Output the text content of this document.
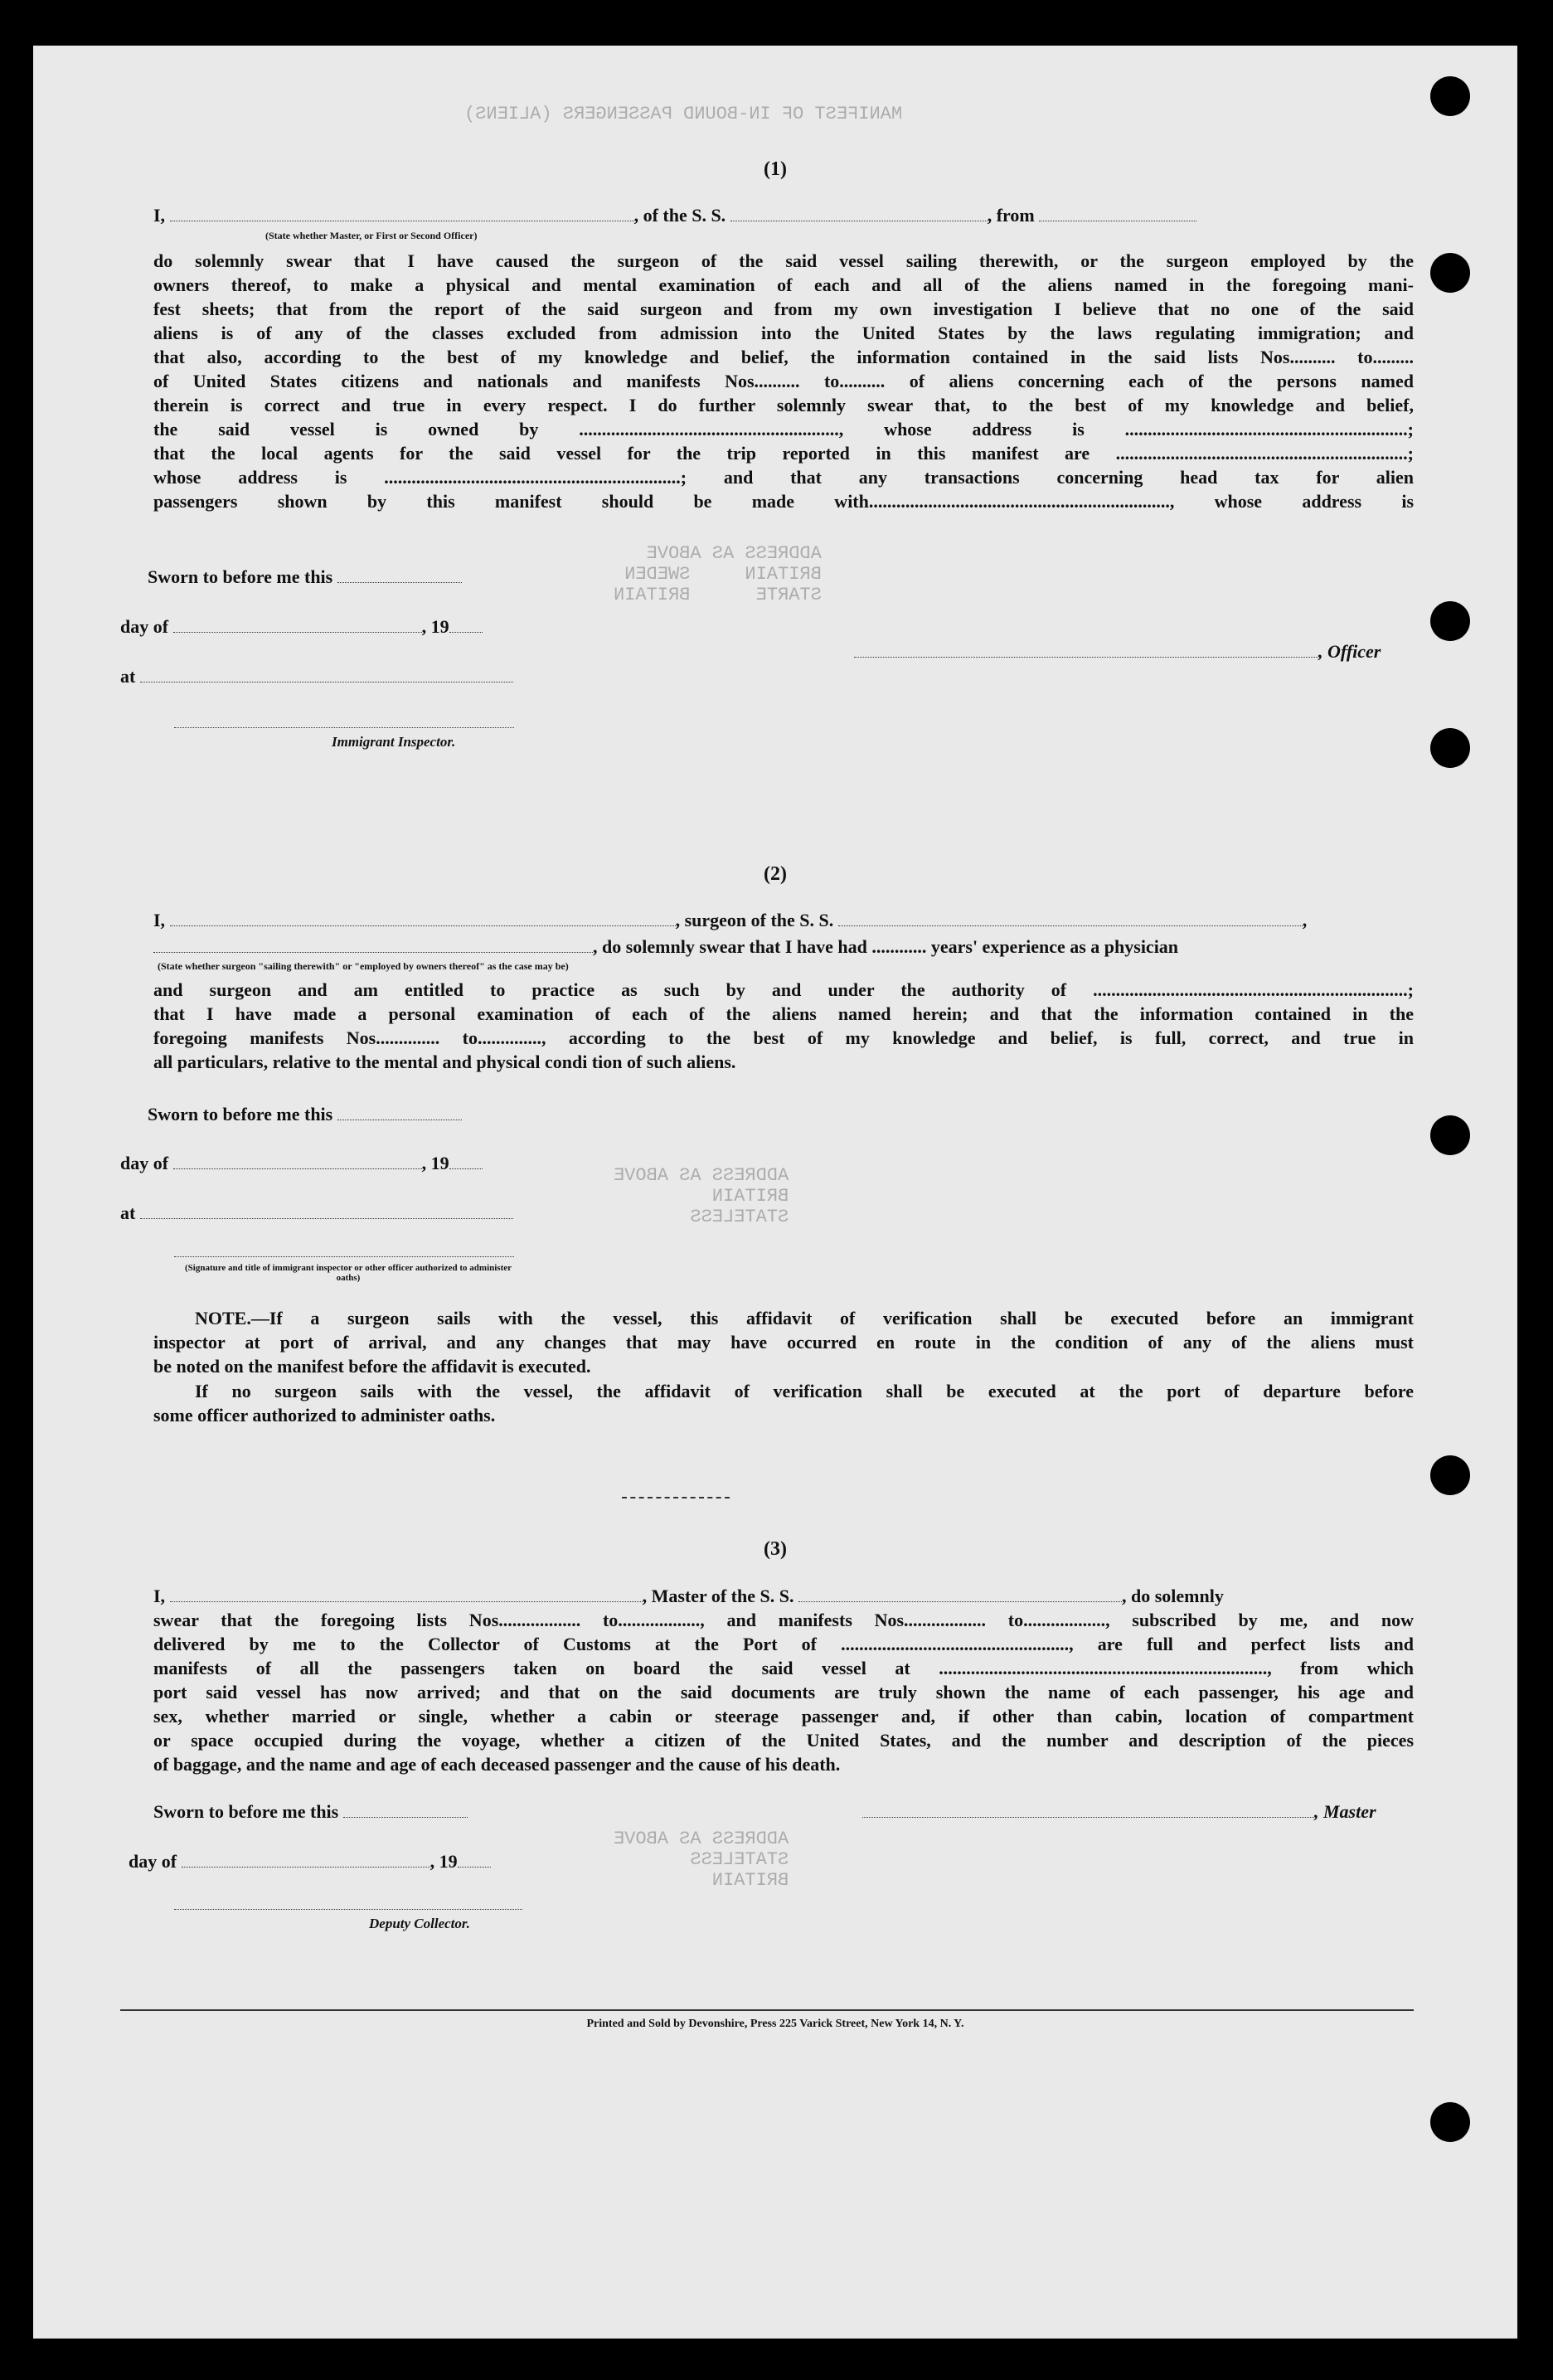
MANIFEST OF IN-BOUND PASSENGERS (ALIENS)
ADDRESS AS ABOVE
BRITAIN     SWEDEN
STARTE      BRITAIN
ADDRESS AS ABOVE
BRITAIN
STATELESS
ADDRESS AS ABOVE
STATELESS
BRITAIN
(1)
I,	, of the S. S.	, from
(State whether Master, or First or Second Officer)
do solemnly swear that I have caused the surgeon of the said vessel sailing therewith, or the surgeon employed by the
owners thereof, to make a physical and mental examination of each and all of the aliens named in the foregoing mani-
fest sheets; that from the report of the said surgeon and from my own investigation I believe that no one of the said
aliens is of any of the classes excluded from admission into the United States by the laws regulating immigration; and
that also, according to the best of my knowledge and belief, the information contained in the said lists Nos.......... to.........
of United States citizens and nationals and manifests Nos.......... to.......... of aliens concerning each of the persons named
therein is correct and true in every respect. I do further solemnly swear that, to the best of my knowledge and belief,
the said vessel is owned by ........................................................., whose address is ..............................................................;
that the local agents for the said vessel for the trip reported in this manifest are ................................................................;
whose address is .................................................................; and that any transactions concerning head tax for alien
passengers shown by this manifest should be made with.................................................................., whose address is
Sworn to before me this
day of	, 19
at
Immigrant Inspector.
, Officer
(2)
I,	, surgeon of the S. S.	,
, do solemnly swear that I have had ............ years' experience as a physician
(State whether surgeon "sailing therewith" or "employed by owners thereof" as the case may be)
and surgeon and am entitled to practice as such by and under the authority of .....................................................................;
that I have made a personal examination of each of the aliens named herein; and that the information contained in the
foregoing manifests Nos.............. to.............., according to the best of my knowledge and belief, is full, correct, and true in
all particulars, relative to the mental and physical condi tion of such aliens.
Sworn to before me this
day of	, 19
at
(Signature and title of immigrant inspector or other officer authorized to administer oaths)
NOTE.—If a surgeon sails with the vessel, this affidavit of verification shall be executed before an immigrant
inspector at port of arrival, and any changes that may have occurred en route in the condition of any of the aliens must
be noted on the manifest before the affidavit is executed.
If no surgeon sails with the vessel, the affidavit of verification shall be executed at the port of departure before
some officer authorized to administer oaths.
(3)
I,	, Master of the S. S.	, do solemnly
swear that the foregoing lists Nos.................. to.................., and manifests Nos.................. to.................., subscribed by me, and now
delivered by me to the Collector of Customs at the Port of .................................................., are full and perfect lists and
manifests of all the passengers taken on board the said vessel at ........................................................................, from which
port said vessel has now arrived; and that on the said documents are truly shown the name of each passenger, his age and
sex, whether married or single, whether a cabin or steerage passenger and, if other than cabin, location of compartment
or space occupied during the voyage, whether a citizen of the United States, and the number and description of the pieces
of baggage, and the name and age of each deceased passenger and the cause of his death.
Sworn to before me this
day of	, 19
Deputy Collector.
, Master
Printed and Sold by Devonshire, Press 225 Varick Street, New York 14, N. Y.
